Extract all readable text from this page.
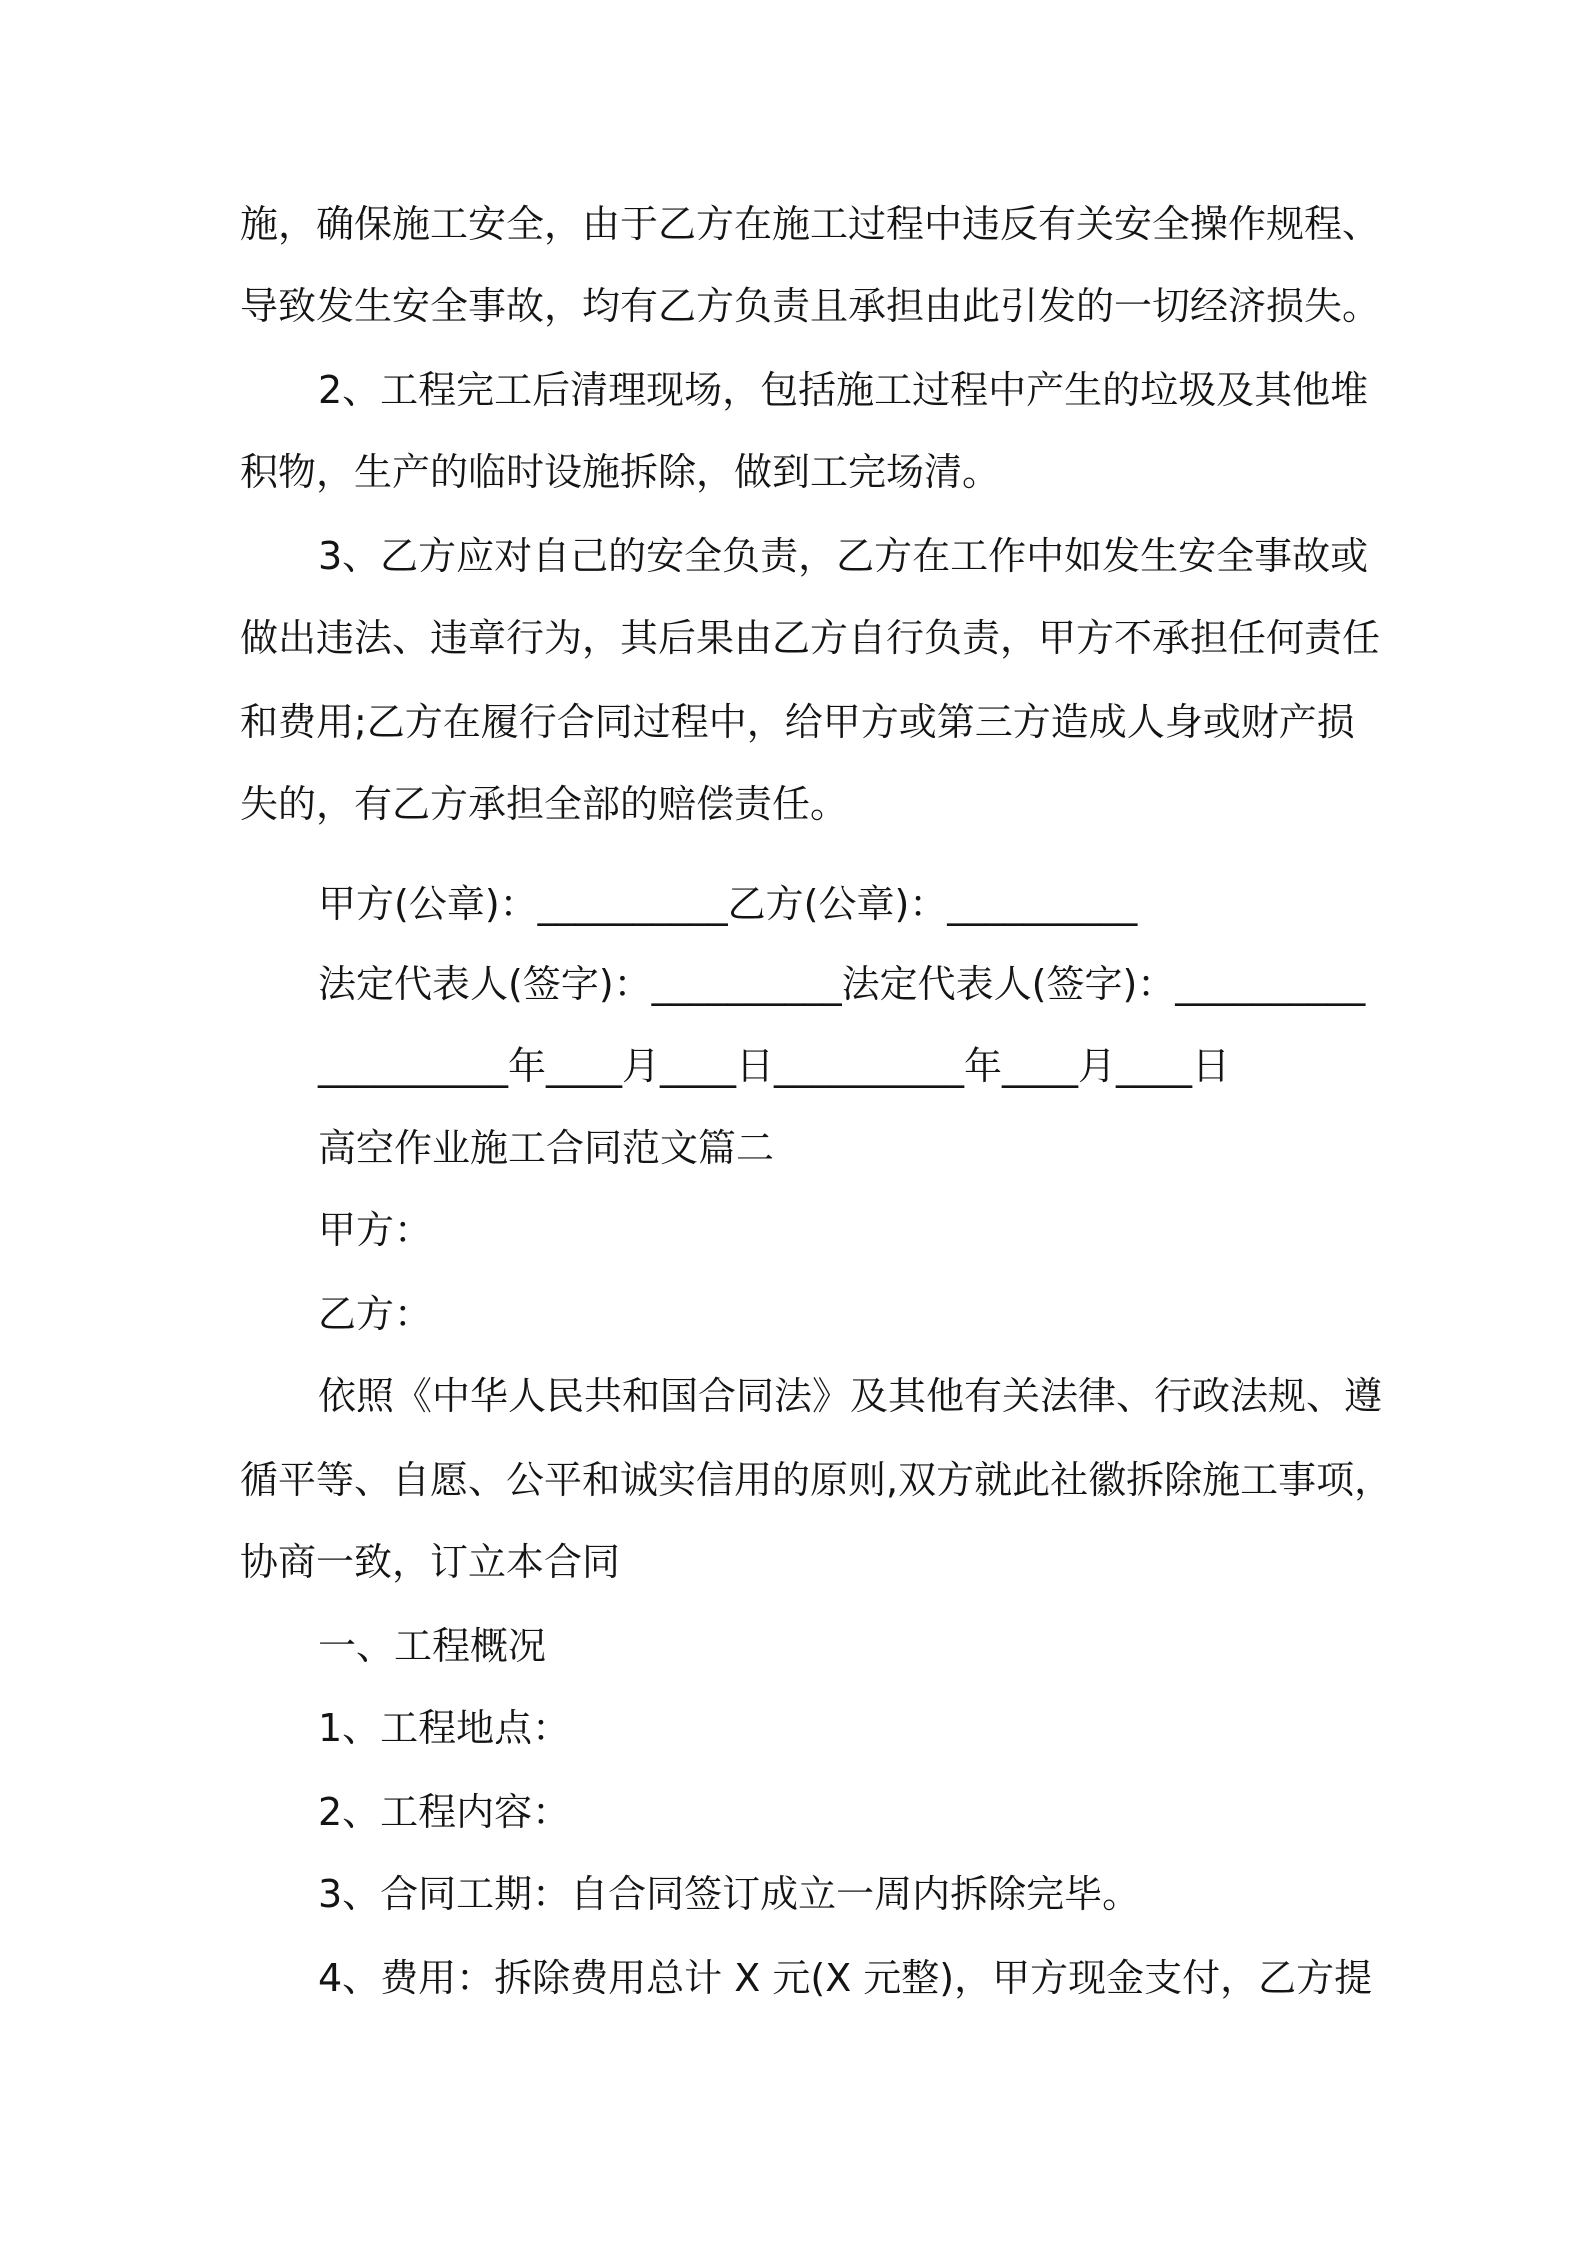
施，确保施工安全，由于乙方在施工过程中违反有关安全操作规程、
导致发生安全事故，均有乙方负责且承担由此引发的一切经济损失。
2、工程完工后清理现场，包括施工过程中产生的垃圾及其他堆
积物，生产的临时设施拆除，做到工完场清。
3、乙方应对自己的安全负责，乙方在工作中如发生安全事故或
做出违法、违章行为，其后果由乙方自行负责，甲方不承担任何责任
和费用;乙方在履行合同过程中，给甲方或第三方造成人身或财产损
失的，有乙方承担全部的赔偿责任。
甲方(公章)：__________乙方(公章)：__________
法定代表人(签字)：__________法定代表人(签字)：__________
__________年____月____日__________年____月____日
高空作业施工合同范文篇二
甲方：
乙方：
依照《中华人民共和国合同法》及其他有关法律、行政法规、遵
循平等、自愿、公平和诚实信用的原则,双方就此社徽拆除施工事项，
协商一致，订立本合同
一、工程概况
1、工程地点：
2、工程内容：
3、合同工期：自合同签订成立一周内拆除完毕。
4、费用：拆除费用总计 X 元(X 元整)，甲方现金支付，乙方提
